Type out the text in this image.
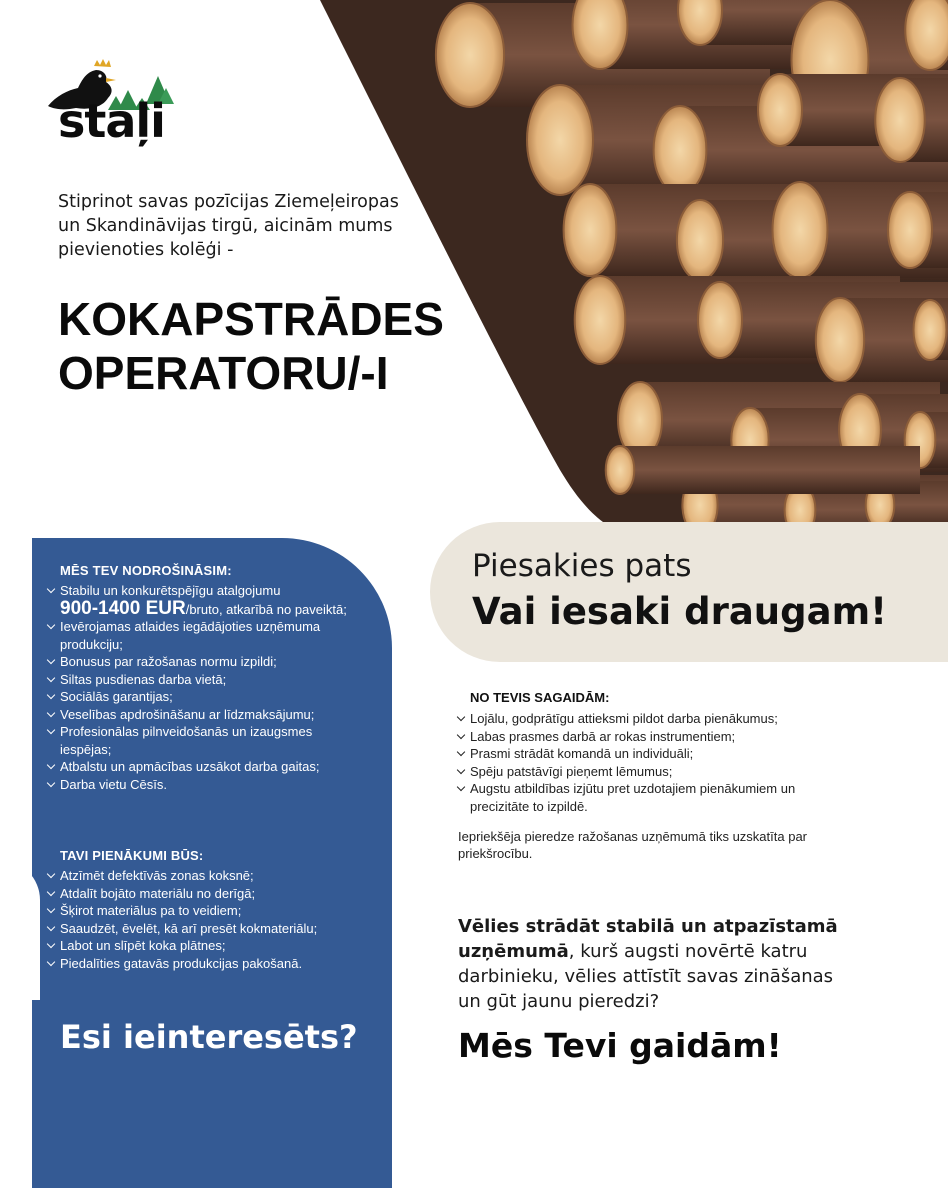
staļi
Stiprinot savas pozīcijas Ziemeļeiropas un Skandināvijas tirgū, aicinām mums pievienoties kolēģi -
KOKAPSTRĀDES
OPERATORU/-I
MĒS TEV NODROŠINĀSIM:
Stabilu un konkurētspējīgu atalgojumu
900-1400 EUR/bruto, atkarībā no paveiktā;
Ievērojamas atlaides iegādājoties uzņēmuma produkciju;
Bonusus par ražošanas normu izpildi;
Siltas pusdienas darba vietā;
Sociālās garantijas;
Veselības apdrošināšanu ar līdzmaksājumu;
Profesionālas pilnveidošanās un izaugsmes iespējas;
Atbalstu un apmācības uzsākot darba gaitas;
Darba vietu Cēsīs.
TAVI PIENĀKUMI BŪS:
Atzīmēt defektīvās zonas koksnē;
Atdalīt bojāto materiālu no derīgā;
Šķirot materiālus pa to veidiem;
Saaudzēt, ēvelēt, kā arī presēt kokmateriālu;
Labot un slīpēt koka plātnes;
Piedalīties gatavās produkcijas pakošanā.
Esi ieinteresēts?
Piesakies pats
Vai iesaki draugam!
NO TEVIS SAGAIDĀM:
Lojālu, godprātīgu attieksmi pildot darba pienākumus;
Labas prasmes darbā ar rokas instrumentiem;
Prasmi strādāt komandā un individuāli;
Spēju patstāvīgi pieņemt lēmumus;
Augstu atbildības izjūtu pret uzdotajiem pienākumiem un precizitāte to izpildē.
Iepriekšēja pieredze ražošanas uzņēmumā tiks uzskatīta par priekšrocību.
Vēlies strādāt stabilā un atpazīstamā uzņēmumā, kurš augsti novērtē katru darbinieku, vēlies attīstīt savas zināšanas un gūt jaunu pieredzi?
Mēs Tevi gaidām!
